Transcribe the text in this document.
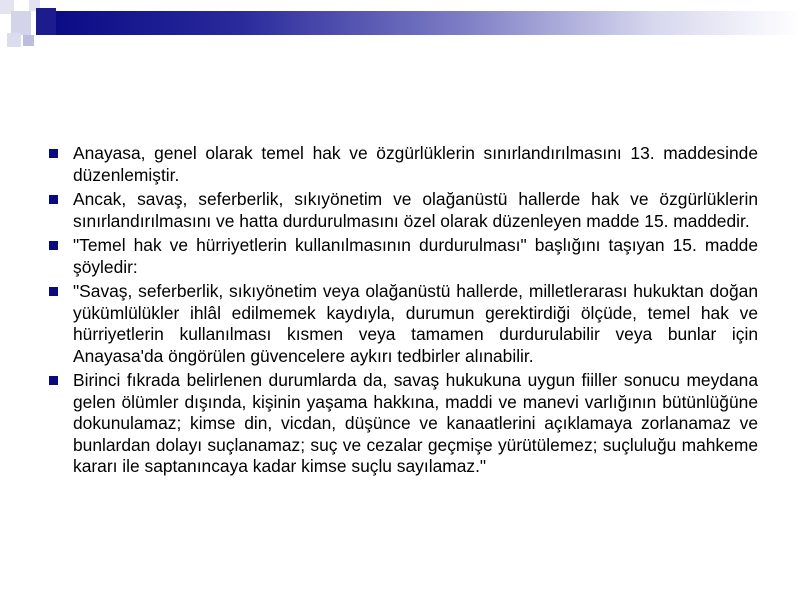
Anayasa, genel olarak temel hak ve özgürlüklerin sınırlandırılmasını 13. maddesinde düzenlemiştir.
Ancak, savaş, seferberlik, sıkıyönetim ve olağanüstü hallerde hak ve özgürlüklerin sınırlandırılmasını ve hatta durdurulmasını özel olarak düzenleyen madde 15. maddedir.
"Temel hak ve hürriyetlerin kullanılmasının durdurulması" başlığını taşıyan 15. madde şöyledir:
"Savaş, seferberlik, sıkıyönetim veya olağanüstü hallerde, milletlerarası hukuktan doğan yükümlülükler ihlâl edilmemek kaydıyla, durumun gerektirdiği ölçüde, temel hak ve hürriyetlerin kullanılması kısmen veya tamamen durdurulabilir veya bunlar için Anayasa'da öngörülen güvencelere aykırı tedbirler alınabilir.
Birinci fıkrada belirlenen durumlarda da, savaş hukukuna uygun fiiller sonucu meydana gelen ölümler dışında, kişinin yaşama hakkına, maddi ve manevi varlığının bütünlüğüne dokunulamaz; kimse din, vicdan, düşünce ve kanaatlerini açıklamaya zorlanamaz ve bunlardan dolayı suçlanamaz; suç ve cezalar geçmişe yürütülemez; suçluluğu mahkeme kararı ile saptanıncaya kadar kimse suçlu sayılamaz."
